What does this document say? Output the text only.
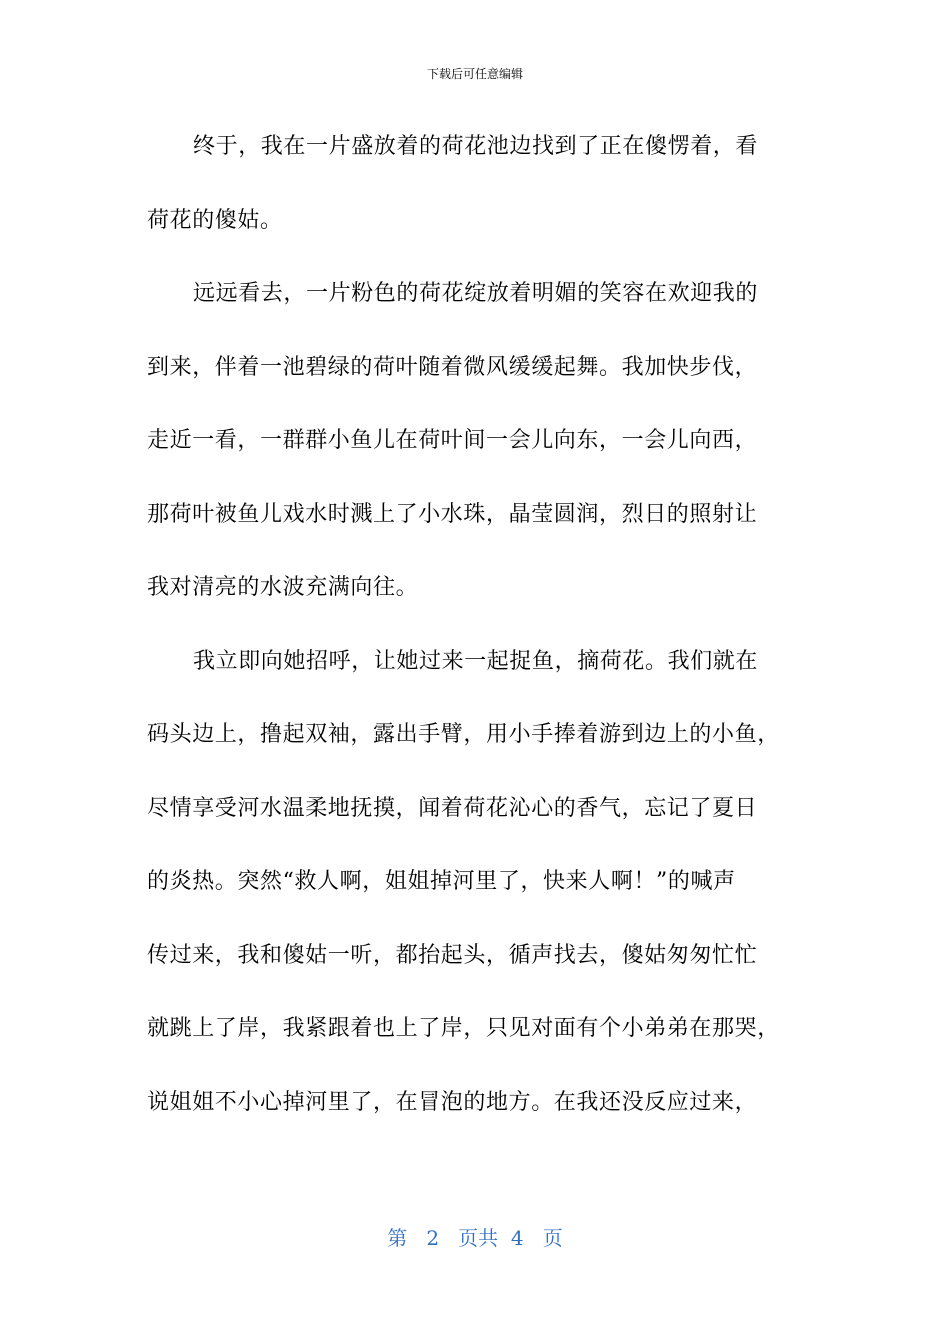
下载后可任意编辑
终于，我在一片盛放着的荷花池边找到了正在傻愣着，看
荷花的傻姑。
远远看去，一片粉色的荷花绽放着明媚的笑容在欢迎我的
到来，伴着一池碧绿的荷叶随着微风缓缓起舞。我加快步伐，
走近一看，一群群小鱼儿在荷叶间一会儿向东，一会儿向西，
那荷叶被鱼儿戏水时溅上了小水珠，晶莹圆润，烈日的照射让
我对清亮的水波充满向往。
我立即向她招呼，让她过来一起捉鱼，摘荷花。我们就在
码头边上，撸起双袖，露出手臂，用小手捧着游到边上的小鱼，
尽情享受河水温柔地抚摸，闻着荷花沁心的香气，忘记了夏日
的炎热。突然“救人啊，姐姐掉河里了，快来人啊！”的喊声
传过来，我和傻姑一听，都抬起头，循声找去，傻姑匆匆忙忙
就跳上了岸，我紧跟着也上了岸，只见对面有个小弟弟在那哭，
说姐姐不小心掉河里了，在冒泡的地方。在我还没反应过来，
第 2 页共 4 页
